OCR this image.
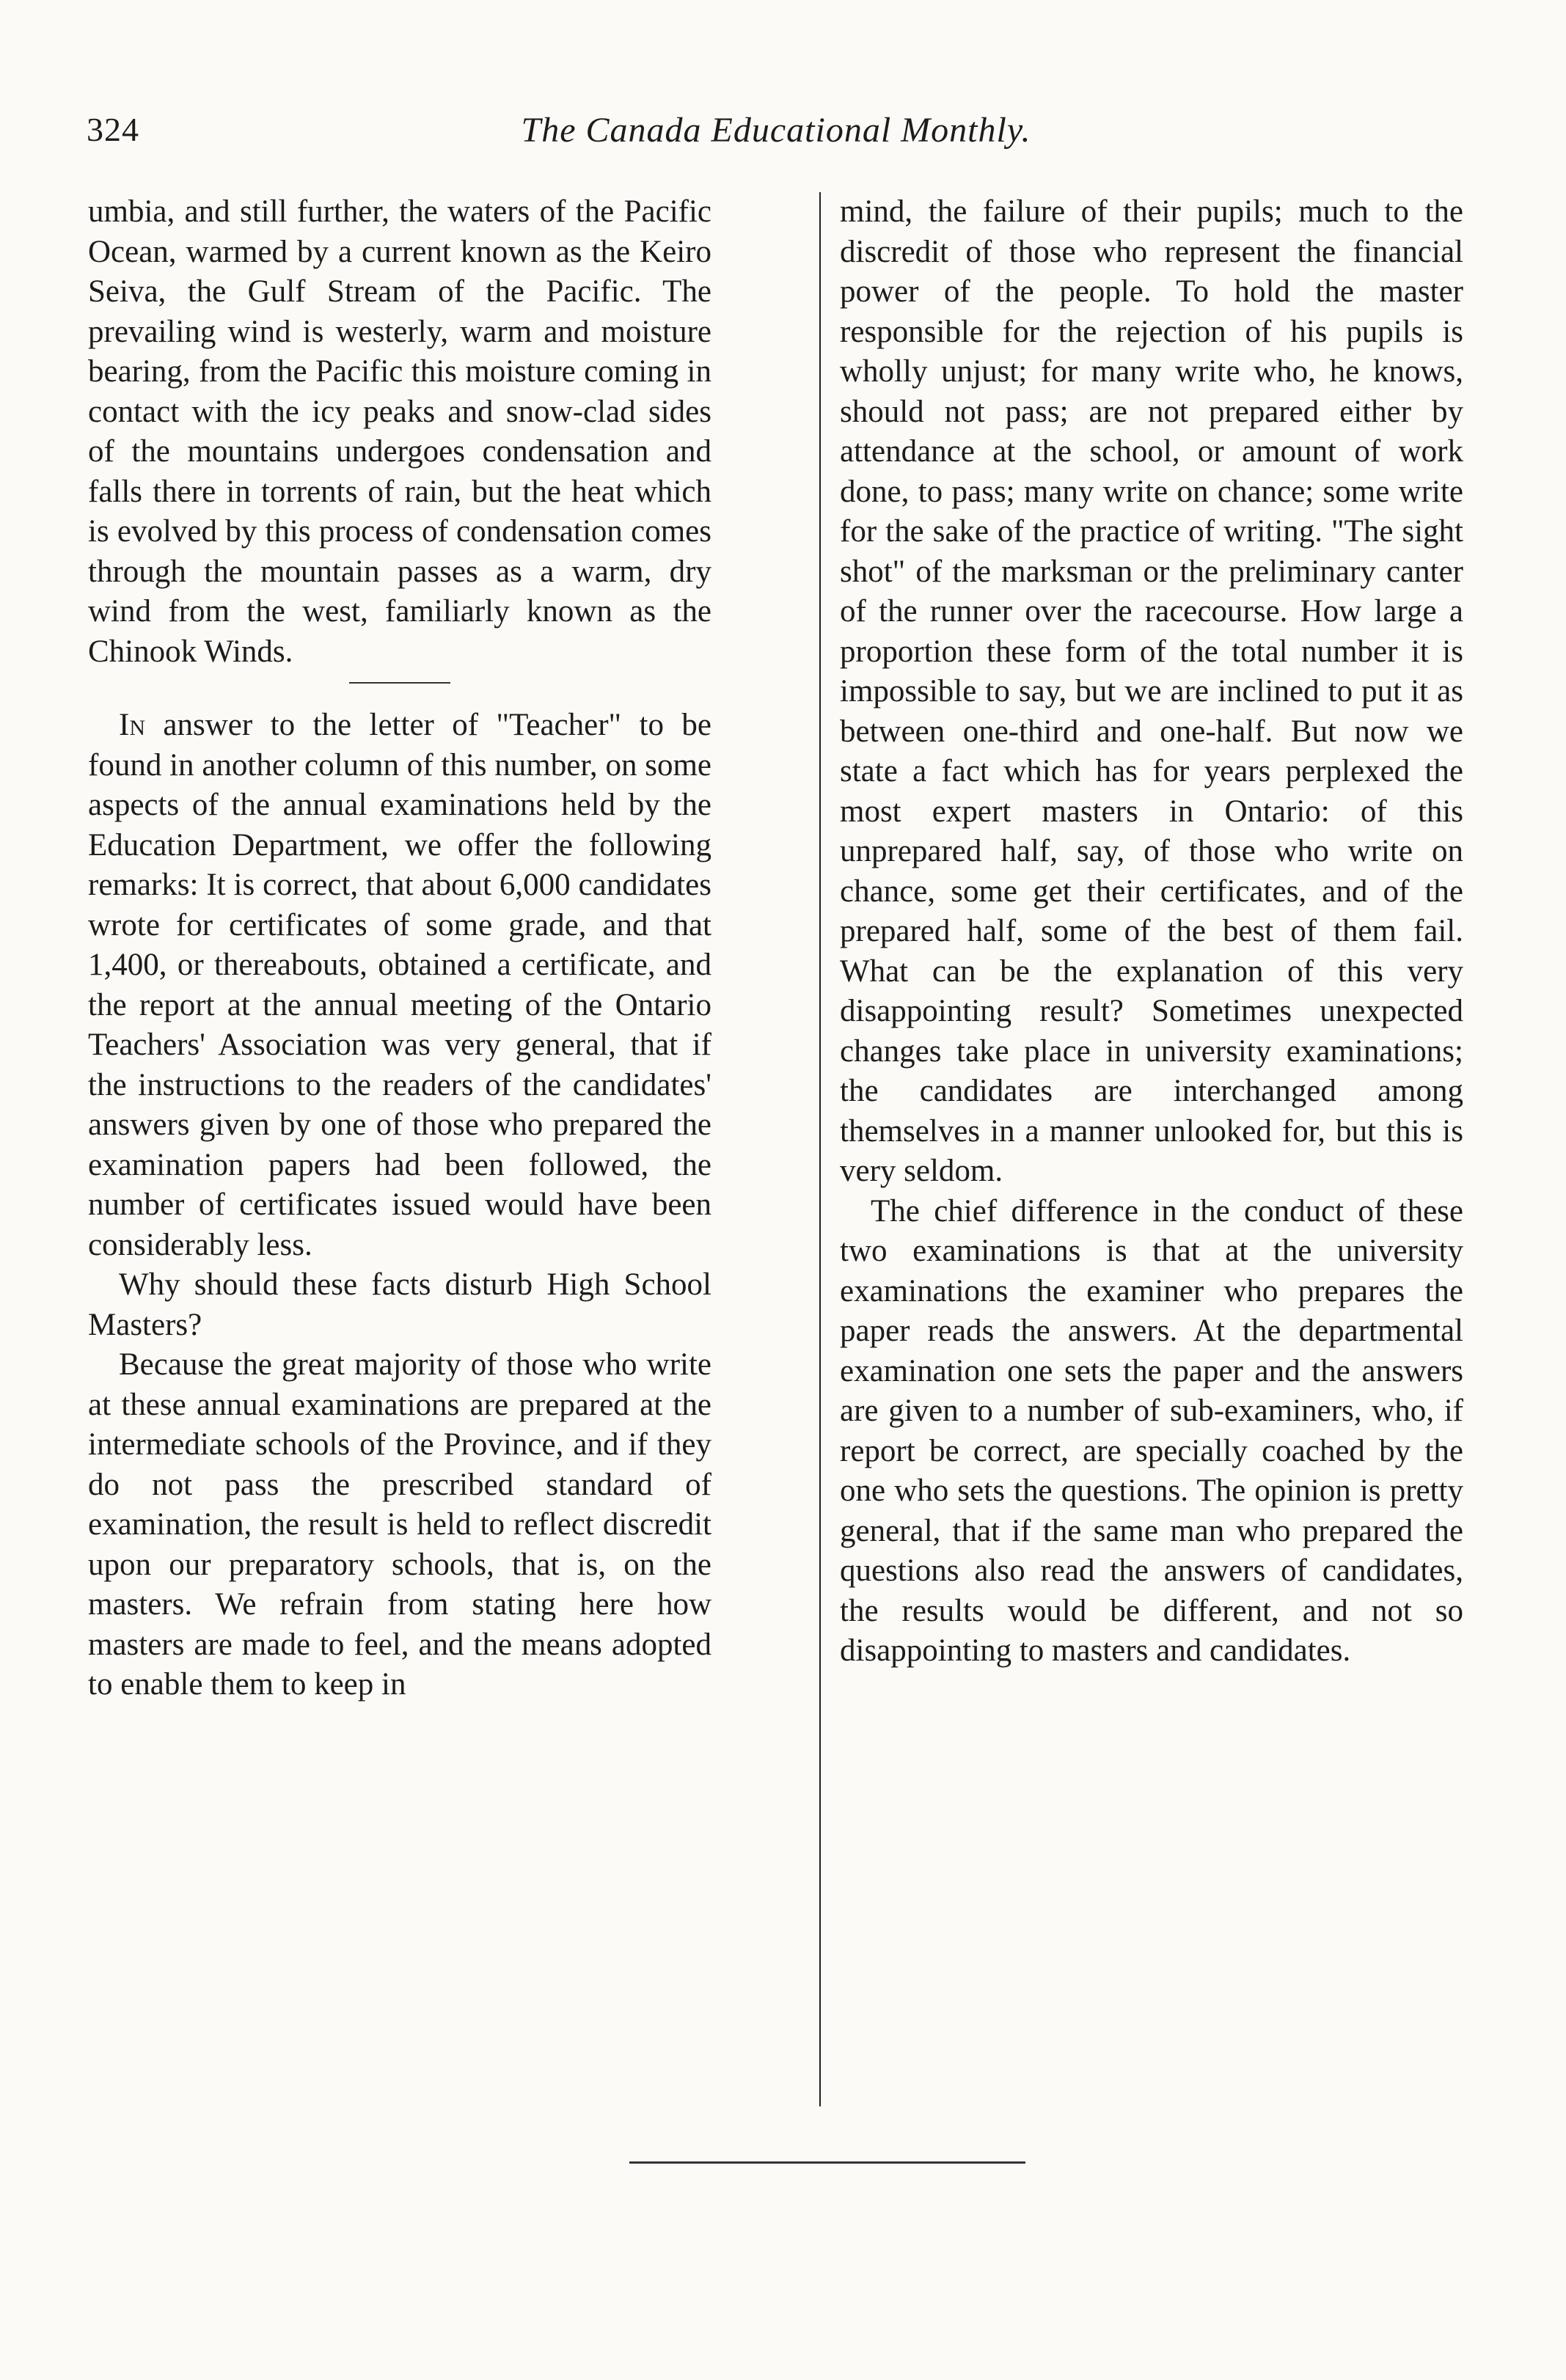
324	The Canada Educational Monthly.

umbia, and still further, the waters of the Pacific Ocean, warmed by a current known as the Keiro Seiva, the Gulf Stream of the Pacific. The prevailing wind is westerly, warm and moisture bearing, from the Pacific this moisture coming in contact with the icy peaks and snow-clad sides of the mountains undergoes condensation and falls there in torrents of rain, but the heat which is evolved by this process of condensation comes through the mountain passes as a warm, dry wind from the west, familiarly known as the Chinook Winds.

In answer to the letter of "Teacher" to be found in another column of this number, on some aspects of the annual examinations held by the Education Department, we offer the following remarks: It is correct, that about 6,000 candidates wrote for certificates of some grade, and that 1,400, or thereabouts, obtained a certificate, and the report at the annual meeting of the Ontario Teachers' Association was very general, that if the instructions to the readers of the candidates' answers given by one of those who prepared the examination papers had been followed, the number of certificates issued would have been considerably less.

Why should these facts disturb High School Masters?

Because the great majority of those who write at these annual examinations are prepared at the intermediate schools of the Province, and if they do not pass the prescribed standard of examination, the result is held to reflect discredit upon our preparatory schools, that is, on the masters. We refrain from stating here how masters are made to feel, and the means adopted to enable them to keep in

mind, the failure of their pupils; much to the discredit of those who represent the financial power of the people. To hold the master responsible for the rejection of his pupils is wholly unjust; for many write who, he knows, should not pass; are not prepared either by attendance at the school, or amount of work done, to pass; many write on chance; some write for the sake of the practice of writing. "The sight shot" of the marksman or the preliminary canter of the runner over the racecourse. How large a proportion these form of the total number it is impossible to say, but we are inclined to put it as between one-third and one-half. But now we state a fact which has for years perplexed the most expert masters in Ontario: of this unprepared half, say, of those who write on chance, some get their certificates, and of the prepared half, some of the best of them fail. What can be the explanation of this very disappointing result? Sometimes unexpected changes take place in university examinations; the candidates are interchanged among themselves in a manner unlooked for, but this is very seldom.

The chief difference in the conduct of these two examinations is that at the university examinations the examiner who prepares the paper reads the answers. At the departmental examination one sets the paper and the answers are given to a number of sub-examiners, who, if report be correct, are specially coached by the one who sets the questions. The opinion is pretty general, that if the same man who prepared the questions also read the answers of candidates, the results would be different, and not so disappointing to masters and candidates.
